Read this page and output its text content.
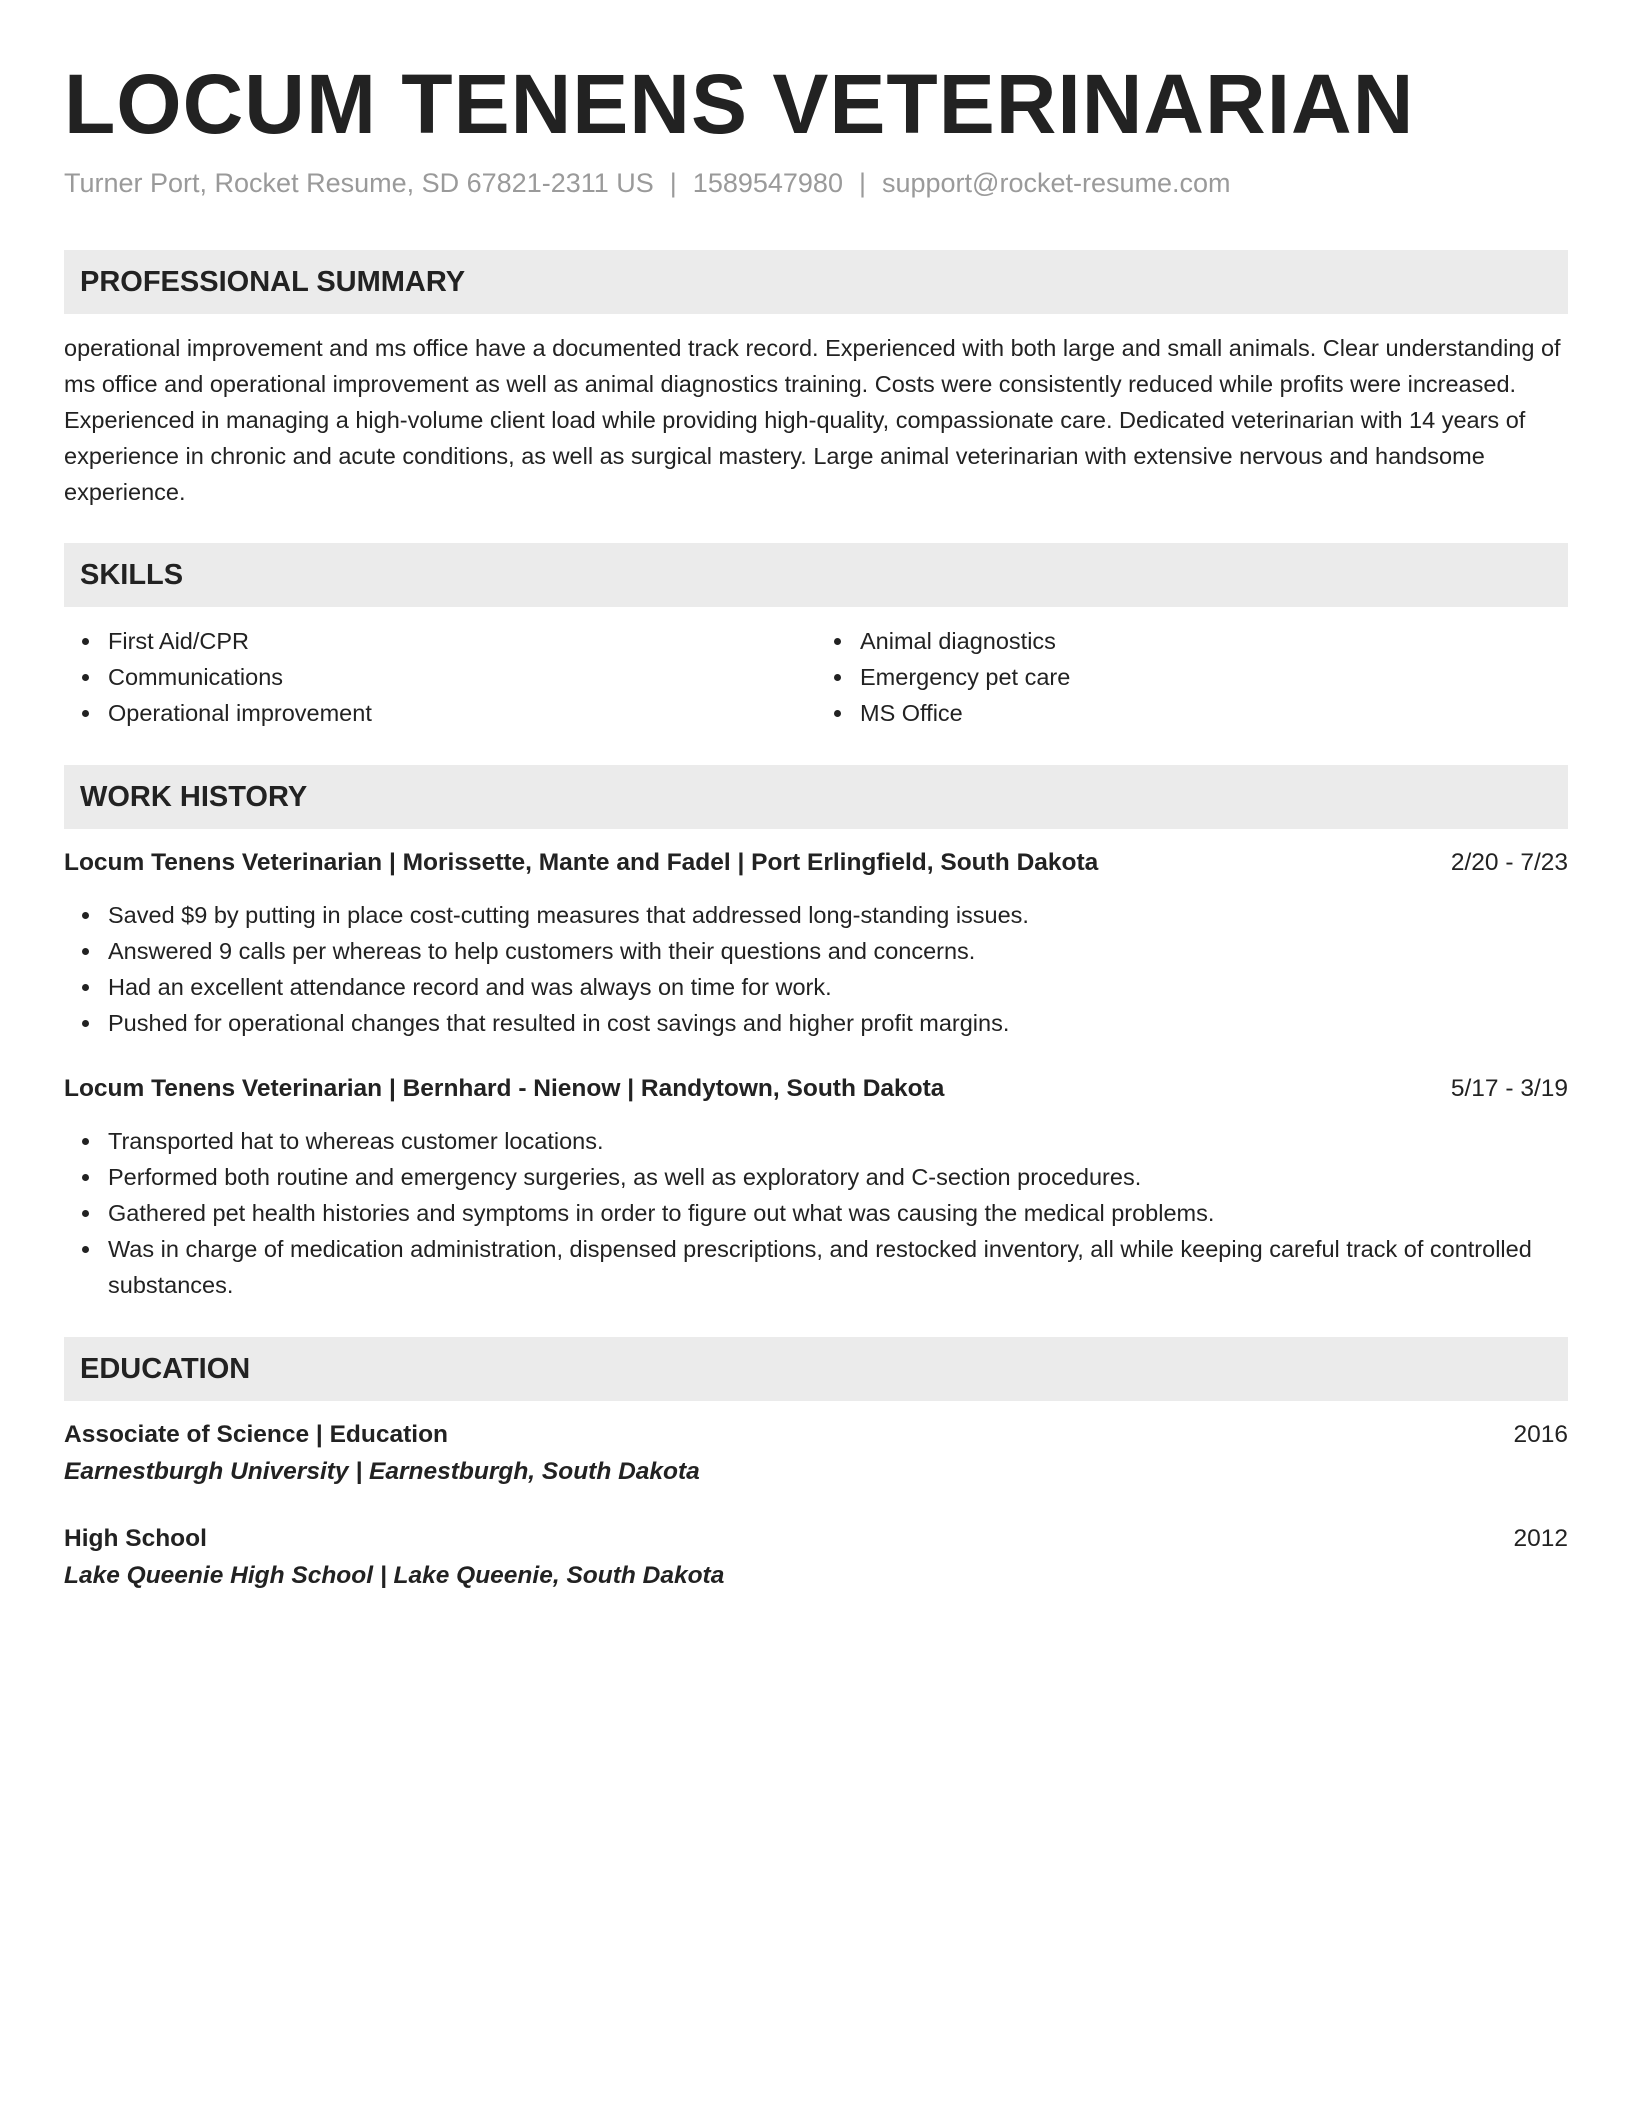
LOCUM TENENS VETERINARIAN
Turner Port, Rocket Resume, SD 67821-2311 US | 1589547980 | support@rocket-resume.com
PROFESSIONAL SUMMARY

operational improvement and ms office have a documented track record. Experienced with both large and small animals. Clear understanding of ms office and operational improvement as well as animal diagnostics training. Costs were consistently reduced while profits were increased. Experienced in managing a high-volume client load while providing high-quality, compassionate care. Dedicated veterinarian with 14 years of experience in chronic and acute conditions, as well as surgical mastery. Large animal veterinarian with extensive nervous and handsome experience.

SKILLS
First Aid/CPR
Communications
Operational improvement
Animal diagnostics
Emergency pet care
MS Office
WORK HISTORY
Locum Tenens Veterinarian | Morissette, Mante and Fadel | Port Erlingfield, South Dakota	2/20 - 7/23
Saved $9 by putting in place cost-cutting measures that addressed long-standing issues.
Answered 9 calls per whereas to help customers with their questions and concerns.
Had an excellent attendance record and was always on time for work.
Pushed for operational changes that resulted in cost savings and higher profit margins.
Locum Tenens Veterinarian | Bernhard - Nienow | Randytown, South Dakota	5/17 - 3/19
Transported hat to whereas customer locations.
Performed both routine and emergency surgeries, as well as exploratory and C-section procedures.
Gathered pet health histories and symptoms in order to figure out what was causing the medical problems.
Was in charge of medication administration, dispensed prescriptions, and restocked inventory, all while keeping careful track of controlled substances.
EDUCATION
Associate of Science | Education	2016
Earnestburgh University | Earnestburgh, South Dakota
High School	2012
Lake Queenie High School | Lake Queenie, South Dakota
